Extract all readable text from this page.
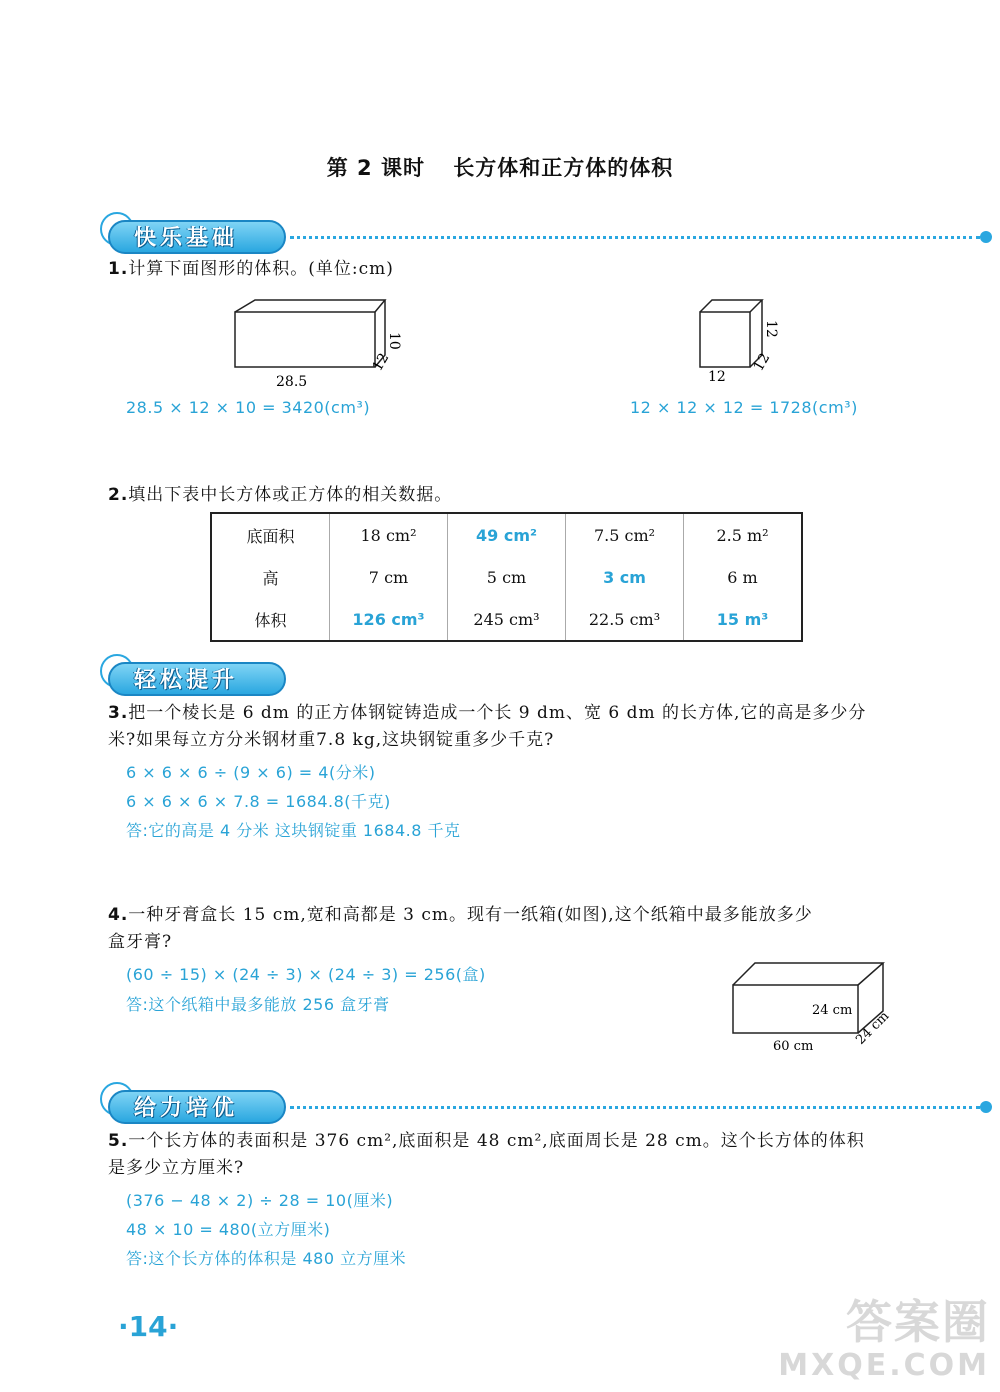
第 2 课时 长方体和正方体的体积
快乐基础
1.计算下面图形的体积。(单位:cm)
28.5
10
12
12
12
12
28.5 × 12 × 10 = 3420(cm³)	12 × 12 × 12 = 1728(cm³)
2.填出下表中长方体或正方体的相关数据。
底面积	18 cm²	49 cm²	7.5 cm²	2.5 m²
高	7 cm	5 cm	3 cm	6 m
体积	126 cm³	245 cm³	22.5 cm³	15 m³
轻松提升
3.把一个棱长是 6 dm 的正方体钢锭铸造成一个长 9 dm、宽 6 dm 的长方体,它的高是多少分
米?如果每立方分米钢材重7.8 kg,这块钢锭重多少千克?
6 × 6 × 6 ÷ (9 × 6) = 4(分米)
6 × 6 × 6 × 7.8 = 1684.8(千克)
答:它的高是 4 分米 这块钢锭重 1684.8 千克
4.一种牙膏盒长 15 cm,宽和高都是 3 cm。现有一纸箱(如图),这个纸箱中最多能放多少
盒牙膏?
(60 ÷ 15) × (24 ÷ 3) × (24 ÷ 3) = 256(盒)
答:这个纸箱中最多能放 256 盒牙膏	24 cm
60 cm	24 cm
给力培优
5.一个长方体的表面积是 376 cm²,底面积是 48 cm²,底面周长是 28 cm。这个长方体的体积
是多少立方厘米?
(376 − 48 × 2) ÷ 28 = 10(厘米)
48 × 10 = 480(立方厘米)
答:这个长方体的体积是 480 立方厘米
·14·	答案圈
MXQE.COM
